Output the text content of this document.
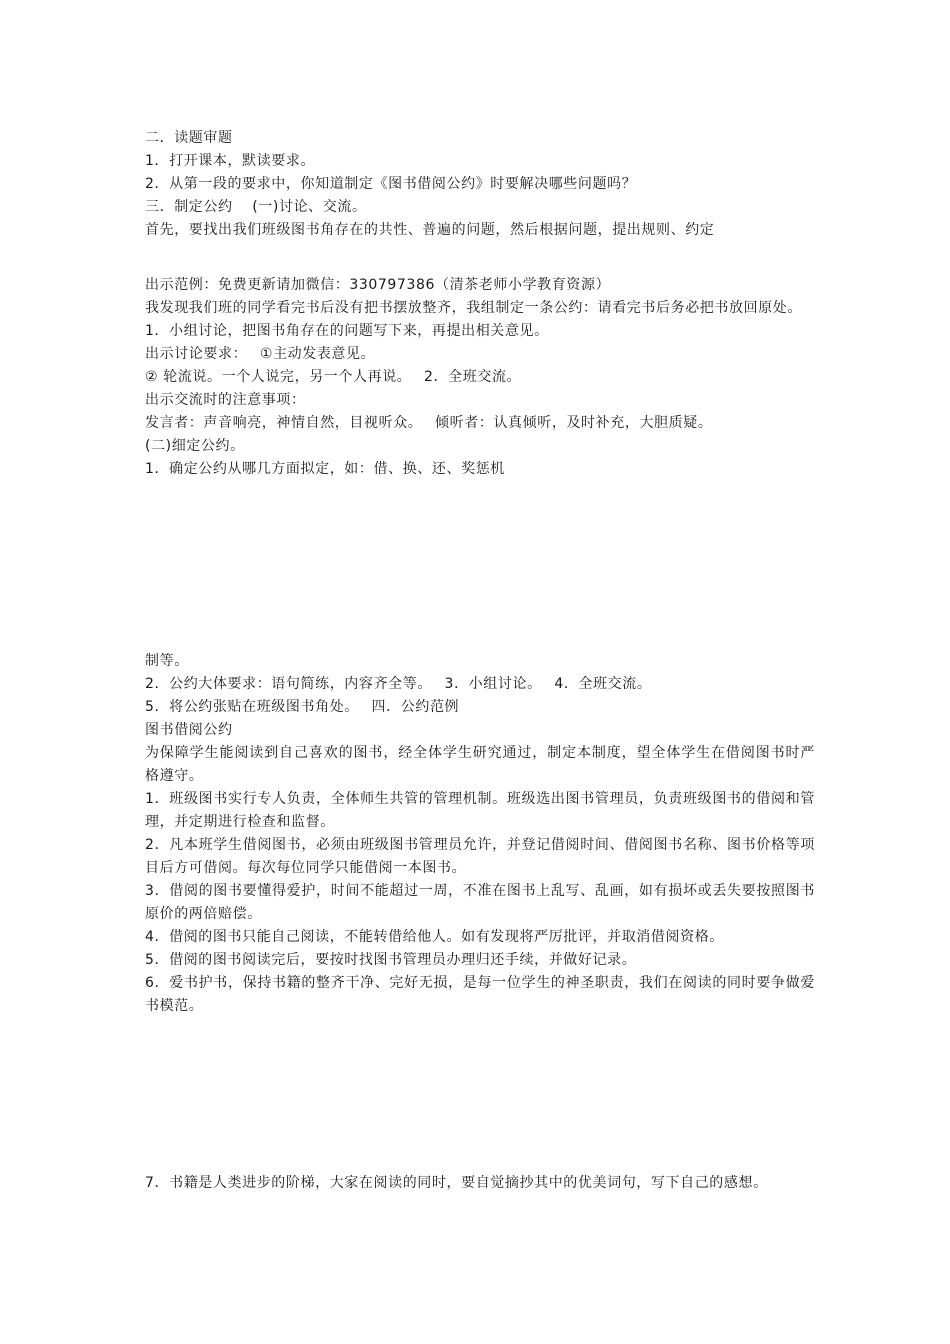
二．读题审题
1．打开课本，默读要求。
2．从第一段的要求中，你知道制定《图书借阅公约》时要解决哪些问题吗？
三．制定公约 　(一)讨论、交流。
首先，要找出我们班级图书角存在的共性、普遍的问题，然后根据问题，提出规则、约定
出示范例：免费更新请加微信：330797386（清茶老师小学教育资源）
我发现我们班的同学看完书后没有把书摆放整齐，我组制定一条公约：请看完书后务必把书放回原处。
1．小组讨论，把图书角存在的问题写下来，再提出相关意见。
出示讨论要求：　 ①主动发表意见。
② 轮流说。一个人说完，另一个人再说。　 2．全班交流。
出示交流时的注意事项：
发言者：声音响亮，神情自然，目视听众。　 倾听者：认真倾听，及时补充，大胆质疑。
(二)细定公约。
1．确定公约从哪几方面拟定，如：借、换、还、奖惩机
制等。
2．公约大体要求：语句简练，内容齐全等。　 3．小组讨论。　 4．全班交流。
5．将公约张贴在班级图书角处。　 四．公约范例
图书借阅公约
为保障学生能阅读到自己喜欢的图书，经全体学生研究通过，制定本制度，望全体学生在借阅图书时严格遵守。
1．班级图书实行专人负责，全体师生共管的管理机制。班级选出图书管理员，负责班级图书的借阅和管理，并定期进行检查和监督。
2．凡本班学生借阅图书，必须由班级图书管理员允许，并登记借阅时间、借阅图书名称、图书价格等项目后方可借阅。每次每位同学只能借阅一本图书。
3．借阅的图书要懂得爱护，时间不能超过一周，不准在图书上乱写、乱画，如有损坏或丢失要按照图书原价的两倍赔偿。
4．借阅的图书只能自己阅读，不能转借给他人。如有发现将严厉批评，并取消借阅资格。
5．借阅的图书阅读完后，要按时找图书管理员办理归还手续，并做好记录。
6．爱书护书，保持书籍的整齐干净、完好无损，是每一位学生的神圣职责，我们在阅读的同时要争做爱书模范。
7．书籍是人类进步的阶梯，大家在阅读的同时，要自觉摘抄其中的优美词句，写下自己的感想。
